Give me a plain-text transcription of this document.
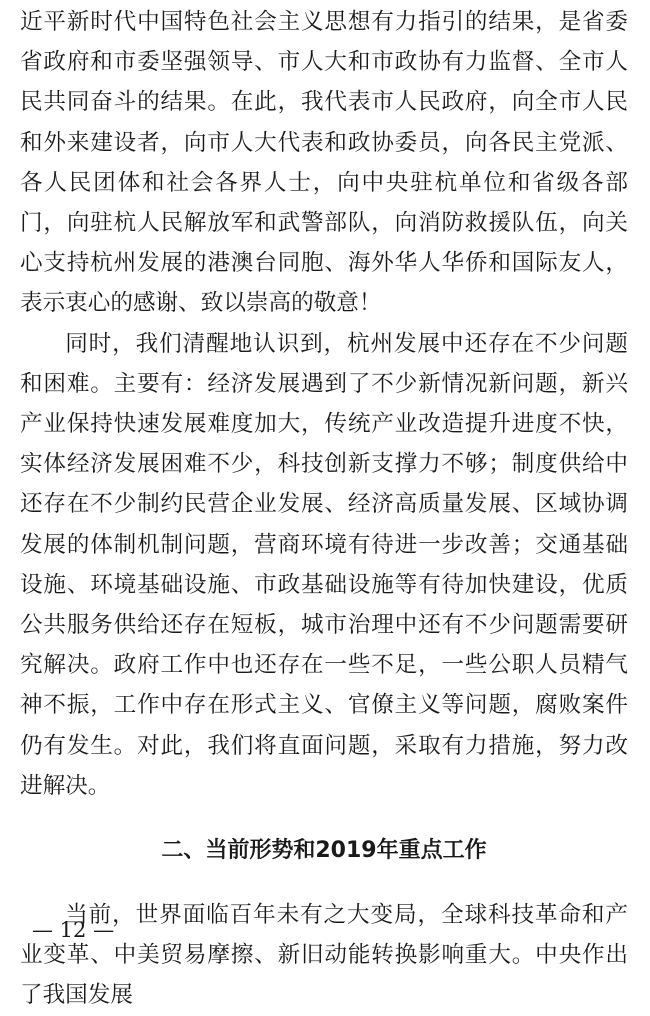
近平新时代中国特色社会主义思想有力指引的结果，是省委省政府和市委坚强领导、市人大和市政协有力监督、全市人民共同奋斗的结果。在此，我代表市人民政府，向全市人民和外来建设者，向市人大代表和政协委员，向各民主党派、各人民团体和社会各界人士，向中央驻杭单位和省级各部门，向驻杭人民解放军和武警部队，向消防救援队伍，向关心支持杭州发展的港澳台同胞、海外华人华侨和国际友人，表示衷心的感谢、致以崇高的敬意！

同时，我们清醒地认识到，杭州发展中还存在不少问题和困难。主要有：经济发展遇到了不少新情况新问题，新兴产业保持快速发展难度加大，传统产业改造提升进度不快，实体经济发展困难不少，科技创新支撑力不够；制度供给中还存在不少制约民营企业发展、经济高质量发展、区域协调发展的体制机制问题，营商环境有待进一步改善；交通基础设施、环境基础设施、市政基础设施等有待加快建设，优质公共服务供给还存在短板，城市治理中还有不少问题需要研究解决。政府工作中也还存在一些不足，一些公职人员精气神不振，工作中存在形式主义、官僚主义等问题，腐败案件仍有发生。对此，我们将直面问题，采取有力措施，努力改进解决。

二、当前形势和2019年重点工作

当前，世界面临百年未有之大变局，全球科技革命和产业变革、中美贸易摩擦、新旧动能转换影响重大。中央作出了我国发展

— 12 —
